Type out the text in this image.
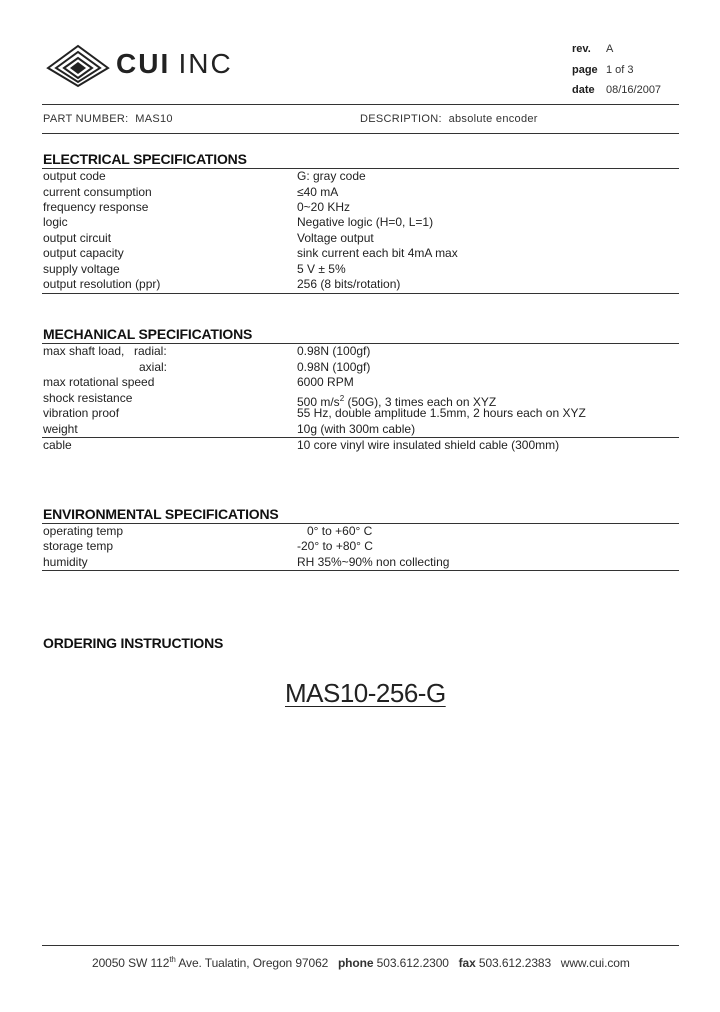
CUI INC	rev. A
page 1 of 3
date 08/16/2007
PART NUMBER: MAS10	DESCRIPTION: absolute encoder
ELECTRICAL SPECIFICATIONS
output code	G: gray code
current consumption	≤40 mA
frequency response	0~20 KHz
logic	Negative logic (H=0, L=1)
output circuit	Voltage output
output capacity	sink current each bit 4mA max
supply voltage	5 V ± 5%
output resolution (ppr)	256 (8 bits/rotation)
MECHANICAL SPECIFICATIONS
max shaft load, radial:	0.98N (100gf)
axial:	0.98N (100gf)
max rotational speed	6000 RPM
shock resistance	500 $m/s^2$ (50G), 3 times each on XYZ
vibration proof	55 Hz, double amplitude 1.5mm, 2 hours each on XYZ
weight	10g (with 300m cable)
cable	10 core vinyl wire insulated shield cable (300mm)
ENVIRONMENTAL SPECIFICATIONS
operating temp	0° to +60° C
storage temp	-20° to +80° C
humidity	RH 35%~90% non collecting
ORDERING INSTRUCTIONS
MAS10-256-G
20050 SW 112th Ave. Tualatin, Oregon 97062 phone 503.612.2300 fax 503.612.2383 www.cui.com
